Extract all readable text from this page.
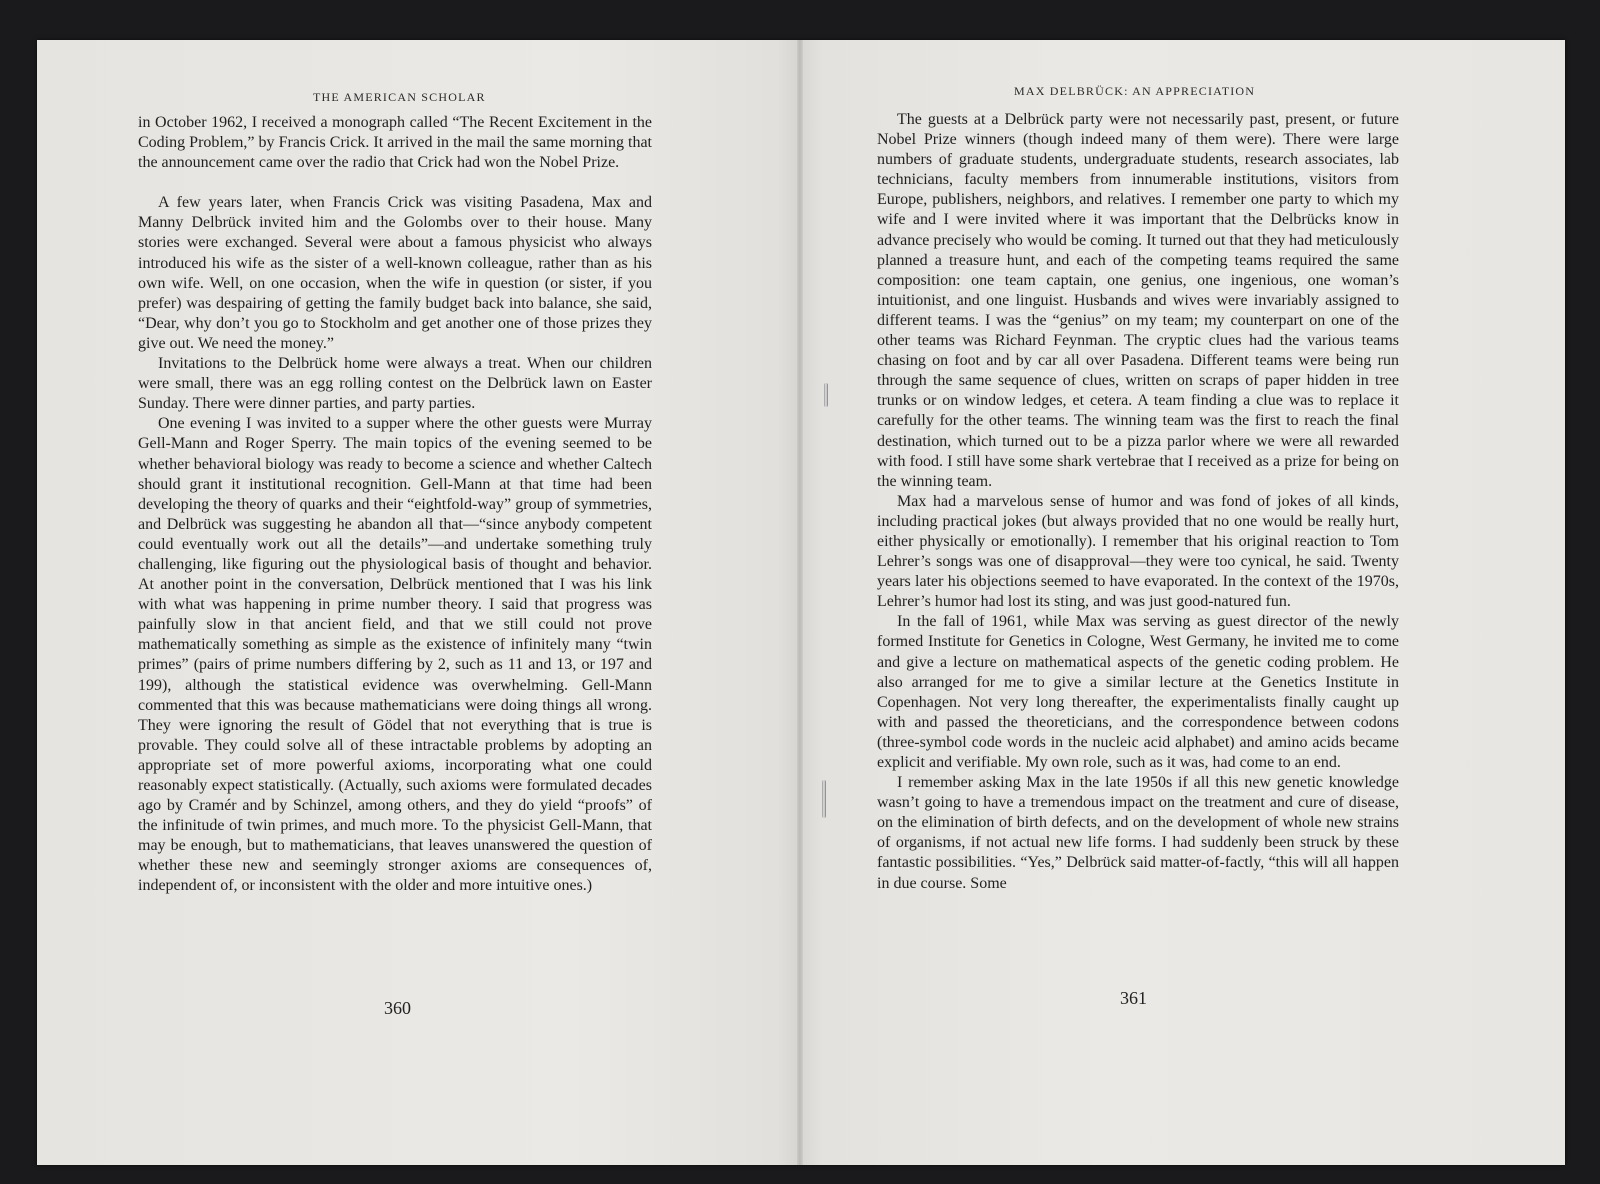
THE AMERICAN SCHOLAR

in October 1962, I received a monograph called “The Recent Excitement in the Coding Problem,” by Francis Crick. It arrived in the mail the same morning that the announcement came over the radio that Crick had won the Nobel Prize.

A few years later, when Francis Crick was visiting Pasadena, Max and Manny Delbrück invited him and the Golombs over to their house. Many stories were exchanged. Several were about a famous physicist who always introduced his wife as the sister of a well-known colleague, rather than as his own wife. Well, on one occasion, when the wife in question (or sister, if you prefer) was despairing of getting the family budget back into balance, she said, “Dear, why don’t you go to Stockholm and get another one of those prizes they give out. We need the money.”

Invitations to the Delbrück home were always a treat. When our children were small, there was an egg rolling contest on the Delbrück lawn on Easter Sunday. There were dinner parties, and party parties.

One evening I was invited to a supper where the other guests were Murray Gell-Mann and Roger Sperry. The main topics of the evening seemed to be whether behavioral biology was ready to become a science and whether Caltech should grant it institutional recognition. Gell-Mann at that time had been developing the theory of quarks and their “eightfold-way” group of symmetries, and Delbrück was suggesting he abandon all that—“since anybody competent could eventually work out all the details”—and undertake something truly challenging, like figuring out the physiological basis of thought and behavior. At another point in the conversation, Delbrück mentioned that I was his link with what was happening in prime number theory. I said that progress was painfully slow in that ancient field, and that we still could not prove mathematically something as simple as the existence of infinitely many “twin primes” (pairs of prime numbers differing by 2, such as 11 and 13, or 197 and 199), although the statistical evidence was overwhelming. Gell-Mann commented that this was because mathematicians were doing things all wrong. They were ignoring the result of Gödel that not everything that is true is provable. They could solve all of these intractable problems by adopting an appropriate set of more powerful axioms, incorporating what one could reasonably expect statistically. (Actually, such axioms were formulated decades ago by Cramér and by Schinzel, among others, and they do yield “proofs” of the infinitude of twin primes, and much more. To the physicist Gell-Mann, that may be enough, but to mathematicians, that leaves unanswered the question of whether these new and seemingly stronger axioms are consequences of, independent of, or inconsistent with the older and more intuitive ones.)

360
MAX DELBRÜCK: AN APPRECIATION

The guests at a Delbrück party were not necessarily past, present, or future Nobel Prize winners (though indeed many of them were). There were large numbers of graduate students, undergraduate students, research associates, lab technicians, faculty members from innumerable institutions, visitors from Europe, publishers, neighbors, and relatives. I remember one party to which my wife and I were invited where it was important that the Delbrücks know in advance precisely who would be coming. It turned out that they had meticulously planned a treasure hunt, and each of the competing teams required the same composition: one team captain, one genius, one ingenious, one woman’s intuitionist, and one linguist. Husbands and wives were invariably assigned to different teams. I was the “genius” on my team; my counterpart on one of the other teams was Richard Feynman. The cryptic clues had the various teams chasing on foot and by car all over Pasadena. Different teams were being run through the same sequence of clues, written on scraps of paper hidden in tree trunks or on window ledges, et cetera. A team finding a clue was to replace it carefully for the other teams. The winning team was the first to reach the final destination, which turned out to be a pizza parlor where we were all rewarded with food. I still have some shark vertebrae that I received as a prize for being on the winning team.

Max had a marvelous sense of humor and was fond of jokes of all kinds, including practical jokes (but always provided that no one would be really hurt, either physically or emotionally). I remember that his original reaction to Tom Lehrer’s songs was one of disapproval—they were too cynical, he said. Twenty years later his objections seemed to have evaporated. In the context of the 1970s, Lehrer’s humor had lost its sting, and was just good-natured fun.

In the fall of 1961, while Max was serving as guest director of the newly formed Institute for Genetics in Cologne, West Germany, he invited me to come and give a lecture on mathematical aspects of the genetic coding problem. He also arranged for me to give a similar lecture at the Genetics Institute in Copenhagen. Not very long thereafter, the experimentalists finally caught up with and passed the theoreticians, and the correspondence between codons (three-symbol code words in the nucleic acid alphabet) and amino acids became explicit and verifiable. My own role, such as it was, had come to an end.

I remember asking Max in the late 1950s if all this new genetic knowledge wasn’t going to have a tremendous impact on the treatment and cure of disease, on the elimination of birth defects, and on the development of whole new strains of organisms, if not actual new life forms. I had suddenly been struck by these fantastic possibilities. “Yes,” Delbrück said matter-of-factly, “this will all happen in due course. Some

361
